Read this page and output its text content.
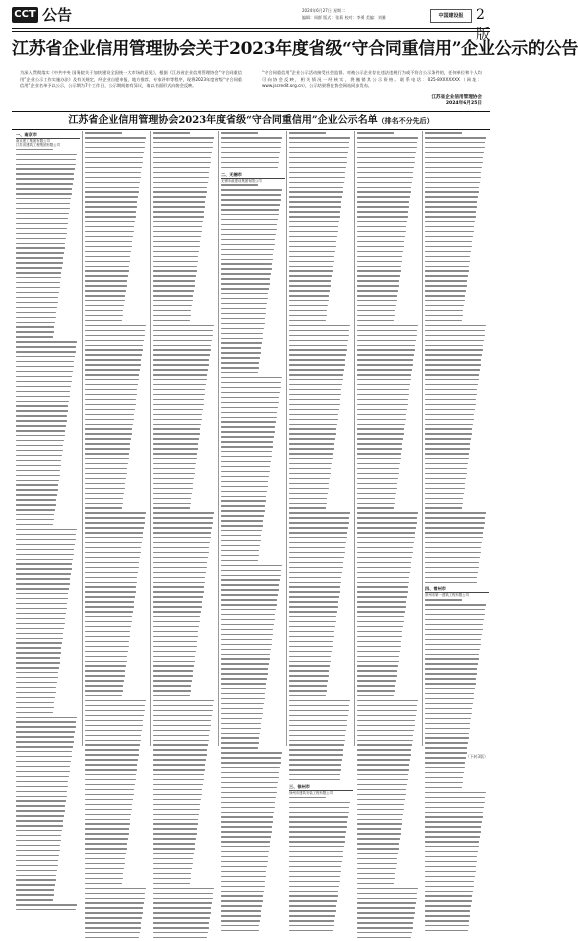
CCT 公告	2024年6月27日 星期二
编辑：周群 版式：张莉 校对：李勇 美编：刘雅	中国建设报 2版
江苏省企业信用管理协会关于2023年度省级“守合同重信用”企业公示的公告
为深入贯彻落实《中共中央 国务院关于加快建设全国统一大市场的意见》，根据《江苏省企业信用管理协会“守合同重信用”企业公示工作实施办法》及有关规定，经企业自愿申报、地方推荐、专家评审等程序，现将2023年度省级“守合同重信用”企业名单予以公示，公示期为7个工作日，公示期间如有异议，请以书面形式向协会反映。
“守合同重信用”企业公示活动接受社会监督。对被公示企业存在违法违规行为或不符合公示条件的，任何单位和个人均可向协会反映，相关情况一经核实，将撤销其公示资格。联系电话：025-8XXXXXXX（网址：www.jscredit.org.cn），公示结果将在协会网站同步发布。
江苏省企业信用管理协会
2024年6月25日
江苏省企业信用管理协会2023年度省级“守合同重信用”企业公示名单（排名不分先后）
一、南京市
南京建工集团有限公司
江苏省建筑工程集团有限公司
二、无锡市
无锡市政建设集团有限公司
三、徐州市
徐州市建筑安装工程有限公司
四、常州市
常州市第一建筑工程有限公司
（下转3版）
